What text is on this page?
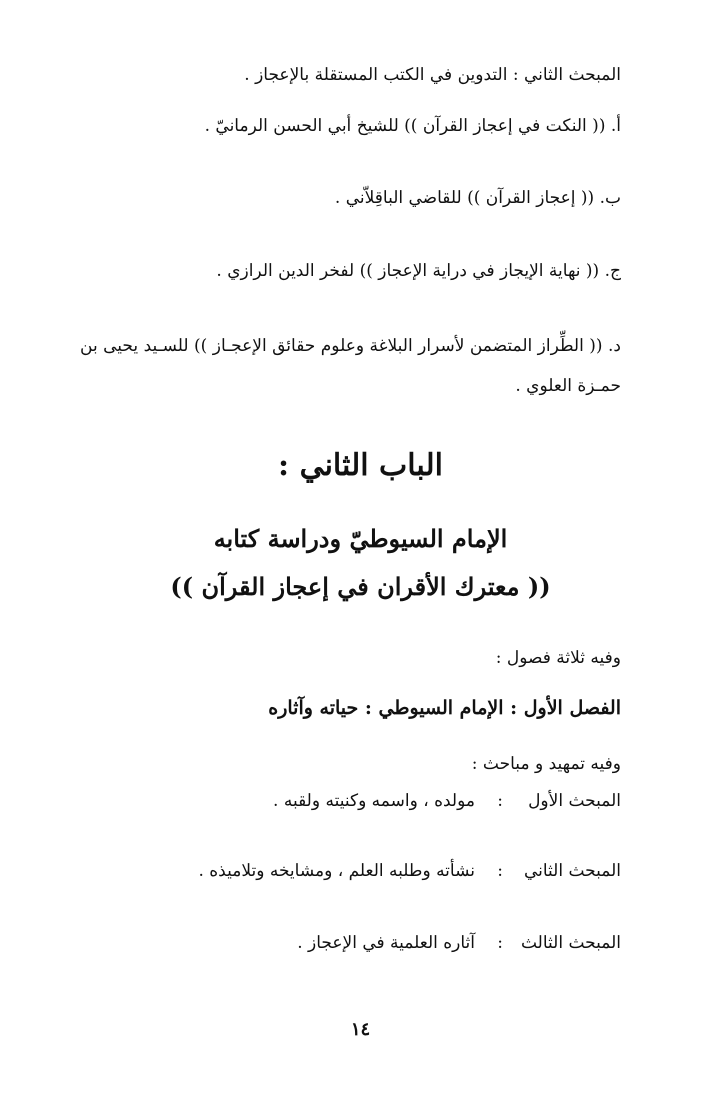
المبحث الثاني : التدوين في الكتب المستقلة بالإعجاز .
أ. (( النكت في إعجاز القرآن )) للشيخ أبي الحسن الرمانيّ .
ب. (( إعجاز القرآن )) للقاضي الباقِلاّني .
ج. (( نهاية الإيجاز في دراية الإعجاز )) لفخر الدين الرازي .
د. (( الطِّراز المتضمن لأسرار البلاغة وعلوم حقائق الإعجـاز )) للسـيد يحيى بن حمـزة العلوي .
الباب الثاني :
الإمام السيوطيّ ودراسة كتابه
(( معترك الأقران في إعجاز القرآن ))
وفيه ثلاثة فصول :
الفصل الأول : الإمام السيوطي : حياته وآثاره
وفيه تمهيد و مباحث :
المبحث الأول:مولده ، واسمه وكنيته ولقبه .
المبحث الثاني:نشأته وطلبه العلم ، ومشايخه وتلاميذه .
المبحث الثالث:آثاره العلمية في الإعجاز .
١٤
